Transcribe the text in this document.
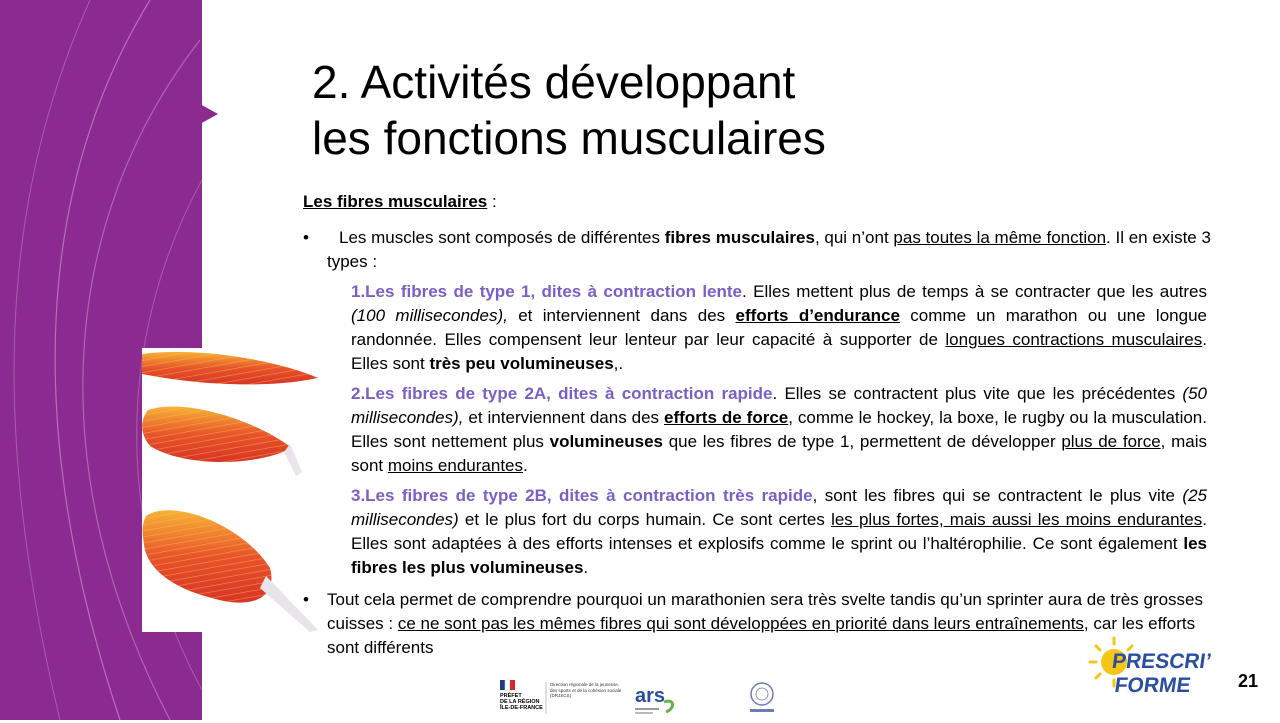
2. Activités développant
les fonctions musculaires

Les fibres musculaires :

• Les muscles sont composés de différentes fibres musculaires, qui n’ont pas toutes la même fonction. Il en existe 3 types :

1.Les fibres de type 1, dites à contraction lente. Elles mettent plus de temps à se contracter que les autres (100 millisecondes), et interviennent dans des efforts d’endurance comme un marathon ou une longue randonnée. Elles compensent leur lenteur par leur capacité à supporter de longues contractions musculaires. Elles sont très peu volumineuses,.

2.Les fibres de type 2A, dites à contraction rapide. Elles se contractent plus vite que les précédentes (50 millisecondes), et interviennent dans des efforts de force, comme le hockey, la boxe, le rugby ou la musculation. Elles sont nettement plus volumineuses que les fibres de type 1, permettent de développer plus de force, mais sont moins endurantes.

3.Les fibres de type 2B, dites à contraction très rapide, sont les fibres qui se contractent le plus vite (25 millisecondes) et le plus fort du corps humain. Ce sont certes les plus fortes, mais aussi les moins endurantes. Elles sont adaptées à des efforts intenses et explosifs comme le sprint ou l’haltérophilie. Ce sont également les fibres les plus volumineuses.

• Tout cela permet de comprendre pourquoi un marathonien sera très svelte tandis qu’un sprinter aura de très grosses cuisses : ce ne sont pas les mêmes fibres qui sont développées en priorité dans leurs entraînements, car les efforts sont différents

PRÉFET
DE LA RÉGION
ÎLE-DE-FRANCE
Direction régionale de la jeunesse, des sports et de la cohésion sociale (DRJSCS)	ars
PRESCRI’
FORME	21
